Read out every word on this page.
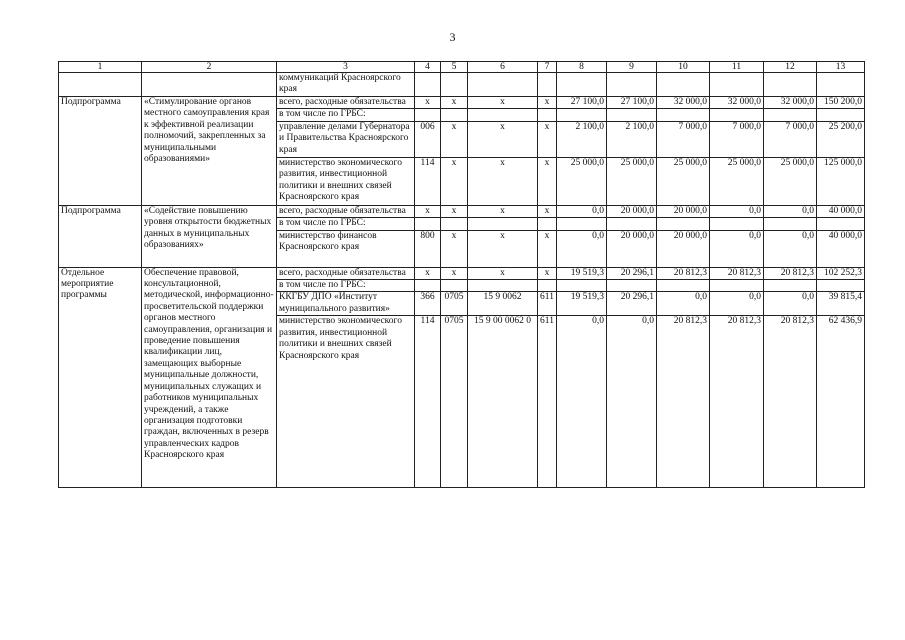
3
1	2	3	4	5	6	7	8	9	10	11	12	13
		коммуникаций Красноярского края										
Подпрограмма	«Стимулирование органов местного самоуправления края к эффективной реализации полномочий, закрепленных за муниципальными образованиями»	всего, расходные обязательства	х	х	х	х	27 100,0	27 100,0	32 000,0	32 000,0	32 000,0	150 200,0
		в том числе по ГРБС:										
		управление делами Губернатора и Правительства Красноярского края	006	х	х	х	2 100,0	2 100,0	7 000,0	7 000,0	7 000,0	25 200,0
		министерство экономического развития, инвестиционной политики и внешних связей Красноярского края	114	х	х	х	25 000,0	25 000,0	25 000,0	25 000,0	25 000,0	125 000,0
Подпрограмма	«Содействие повышению уровня открытости бюджетных данных в муниципальных образованиях»	всего, расходные обязательства	х	х	х	х	0,0	20 000,0	20 000,0	0,0	0,0	40 000,0
		в том числе по ГРБС:										
		министерство финансов Красноярского края	800	х	х	х	0,0	20 000,0	20 000,0	0,0	0,0	40 000,0
Отдельное мероприятие программы	Обеспечение правовой, консультационной, методической, информационно-просветительской поддержки органов местного самоуправления, организация и проведение повышения квалификации лиц, замещающих выборные муниципальные должности, муниципальных служащих и работников муниципальных учреждений, а также организация подготовки граждан, включенных в резерв управленческих кадров Красноярского края	всего, расходные обязательства	х	х	х	х	19 519,3	20 296,1	20 812,3	20 812,3	20 812,3	102 252,3
		в том числе по ГРБС:										
		ККГБУ ДПО «Институт муниципального развития»	366	0705	15 9 0062	611	19 519,3	20 296,1	0,0	0,0	0,0	39 815,4
		министерство экономического развития, инвестиционной политики и внешних связей Красноярского края	114	0705	15 9 00 0062 0	611	0,0	0,0	20 812,3	20 812,3	20 812,3	62 436,9
